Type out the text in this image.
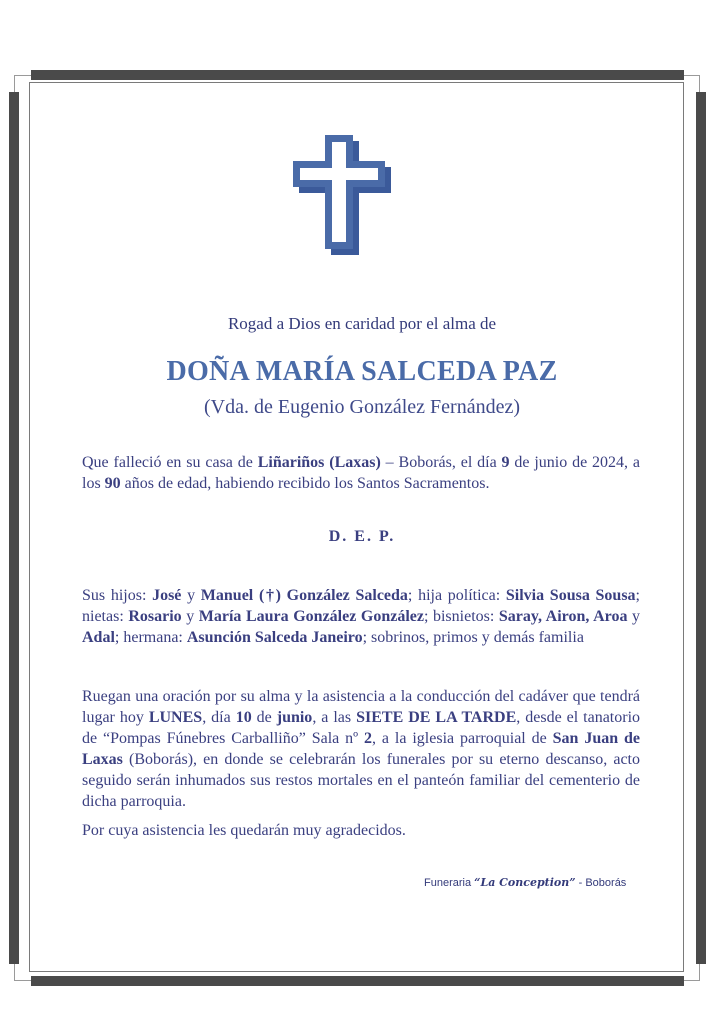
Rogad a Dios en caridad por el alma de
DOÑA MARÍA SALCEDA PAZ
(Vda. de Eugenio González Fernández)
Que falleció en su casa de Liñariños (Laxas) – Boborás, el día 9 de junio de 2024, a los 90 años de edad, habiendo recibido los Santos Sacramentos.
D. E. P.
Sus hijos: José y Manuel (†) González Salceda; hija política: Silvia Sousa Sousa; nietas: Rosario y María Laura González González; bisnietos: Saray, Airon, Aroa y Adal; hermana: Asunción Salceda Janeiro; sobrinos, primos y demás familia
Ruegan una oración por su alma y la asistencia a la conducción del cadáver que tendrá lugar hoy LUNES, día 10 de junio, a las SIETE DE LA TARDE, desde el tanatorio de “Pompas Fúnebres Carballiño” Sala nº 2, a la iglesia parroquial de San Juan de Laxas (Boborás), en donde se celebrarán los funerales por su eterno descanso, acto seguido serán inhumados sus restos mortales en el panteón familiar del cementerio de dicha parroquia.
Por cuya asistencia les quedarán muy agradecidos.
Funeraria “La Conception” - Boborás
